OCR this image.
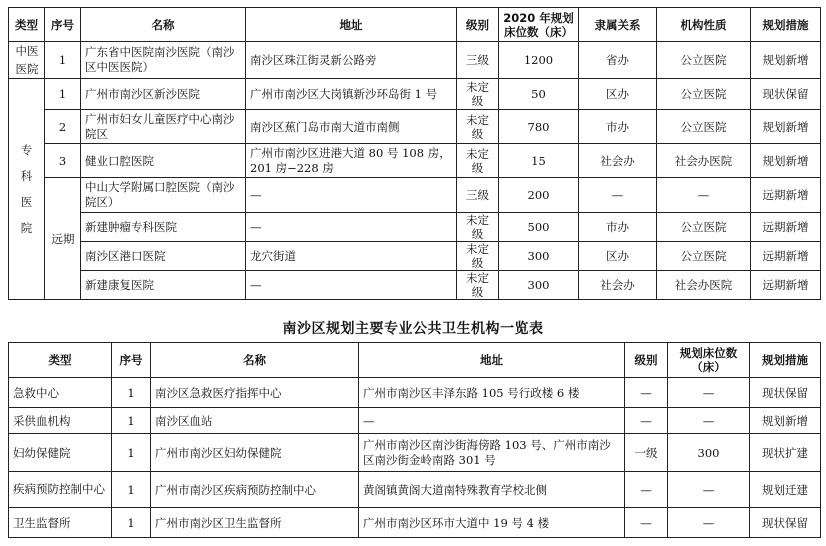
类型	序号	名称	地址	级别	2020 年规划
床位数（床）	隶属关系	机构性质	规划措施
中医医院	1	广东省中医院南沙医院（南沙区中医医院）	南沙区珠江街灵新公路旁	三级	1200	省办	公立医院	规划新增
专科医院	1	广州市南沙区新沙医院	广州市南沙区大岗镇新沙环岛街 1 号	未定级	50	区办	公立医院	现状保留
	2	广州市妇女儿童医疗中心南沙院区	南沙区蕉门岛市南大道市南侧	未定级	780	市办	公立医院	规划新增
	3	健业口腔医院	广州市南沙区进港大道 80 号 108 房，201 房−228 房	未定级	15	社会办	社会办医院	规划新增
	远期	中山大学附属口腔医院（南沙院区）	—	三级	200	—	—	远期新增
		新建肿瘤专科医院	—	未定级	500	市办	公立医院	远期新增
		南沙区港口医院	龙穴街道	未定级	300	区办	公立医院	远期新增
		新建康复医院	—	未定级	300	社会办	社会办医院	远期新增
南沙区规划主要专业公共卫生机构一览表
类型	序号	名称	地址	级别	规划床位数
（床）	规划措施
急救中心	1	南沙区急救医疗指挥中心	广州市南沙区丰泽东路 105 号行政楼 6 楼	—	—	现状保留
采供血机构	1	南沙区血站	—	—	—	规划新增
妇幼保健院	1	广州市南沙区妇幼保健院	广州市南沙区南沙街海傍路 103 号、广州市南沙区南沙街金岭南路 301 号	一级	300	现状扩建
疾病预防控制中心	1	广州市南沙区疾病预防控制中心	黄阁镇黄阁大道南特殊教育学校北侧	—	—	规划迁建
卫生监督所	1	广州市南沙区卫生监督所	广州市南沙区环市大道中 19 号 4 楼	—	—	现状保留
